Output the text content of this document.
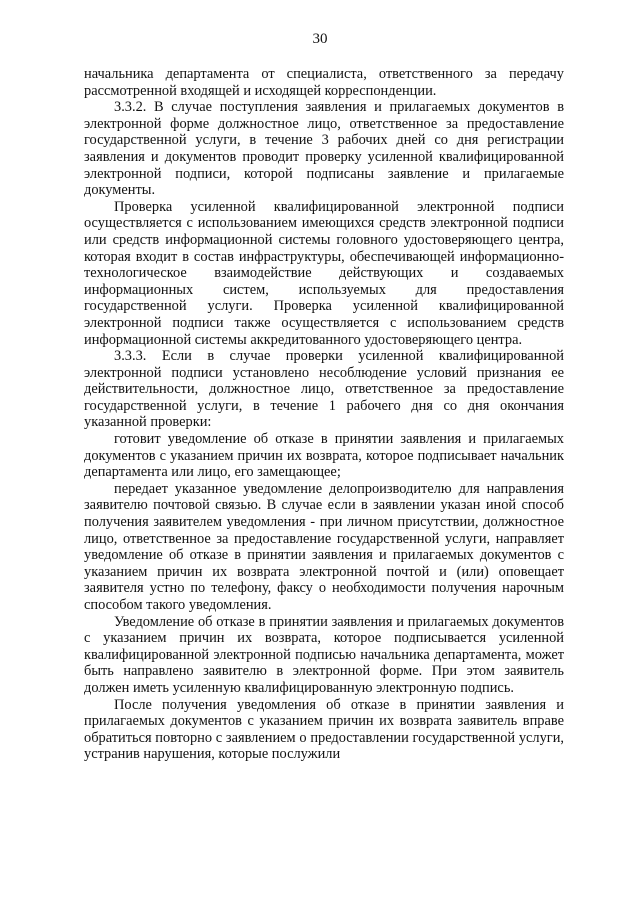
30

начальника департамента от специалиста, ответственного за передачу рассмотренной входящей и исходящей корреспонденции.

3.3.2. В случае поступления заявления и прилагаемых документов в электронной форме должностное лицо, ответственное за предоставление государственной услуги, в течение 3 рабочих дней со дня регистрации заявления и документов проводит проверку усиленной квалифицированной электронной подписи, которой подписаны заявление и прилагаемые документы.

Проверка усиленной квалифицированной электронной подписи осуществляется с использованием имеющихся средств электронной подписи или средств информационной системы головного удостоверяющего центра, которая входит в состав инфраструктуры, обеспечивающей информационно-технологическое взаимодействие действующих и создаваемых информационных систем, используемых для предоставления государственной услуги. Проверка усиленной квалифицированной электронной подписи также осуществляется с использованием средств информационной системы аккредитованного удостоверяющего центра.

3.3.3. Если в случае проверки усиленной квалифицированной электронной подписи установлено несоблюдение условий признания ее действительности, должностное лицо, ответственное за предоставление государственной услуги, в течение 1 рабочего дня со дня окончания указанной проверки:

готовит уведомление об отказе в принятии заявления и прилагаемых документов с указанием причин их возврата, которое подписывает начальник департамента или лицо, его замещающее;

передает указанное уведомление делопроизводителю для направления заявителю почтовой связью. В случае если в заявлении указан иной способ получения заявителем уведомления - при личном присутствии, должностное лицо, ответственное за предоставление государственной услуги, направляет уведомление об отказе в принятии заявления и прилагаемых документов с указанием причин их возврата электронной почтой и (или) оповещает заявителя устно по телефону, факсу о необходимости получения нарочным способом такого уведомления.

Уведомление об отказе в принятии заявления и прилагаемых документов с указанием причин их возврата, которое подписывается усиленной квалифицированной электронной подписью начальника департамента, может быть направлено заявителю в электронной форме. При этом заявитель должен иметь усиленную квалифицированную электронную подпись.

После получения уведомления об отказе в принятии заявления и прилагаемых документов с указанием причин их возврата заявитель вправе обратиться повторно с заявлением о предоставлении государственной услуги, устранив нарушения, которые послужили
